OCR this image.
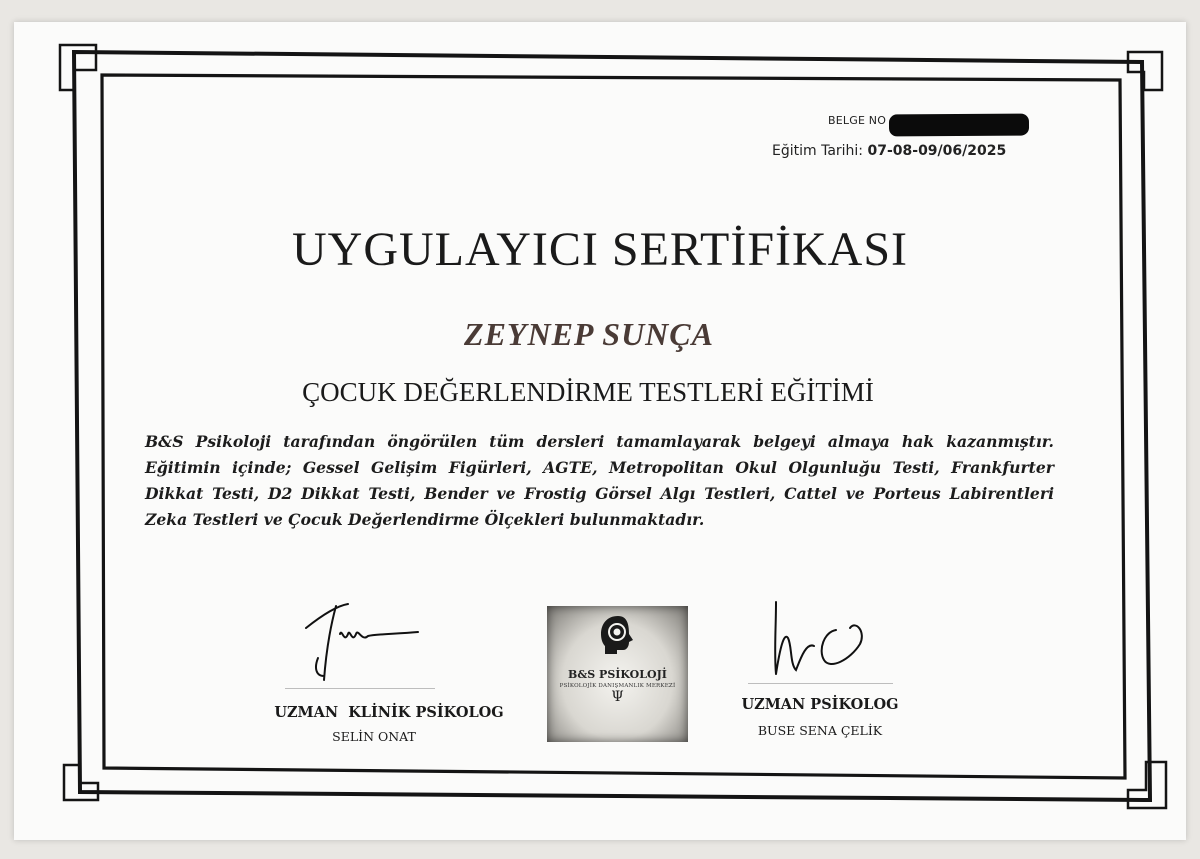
BELGE NO
Eğitim Tarihi: 07-08-09/06/2025
UYGULAYICI SERTİFİKASI
ZEYNEP SUNÇA
ÇOCUK DEĞERLENDİRME TESTLERİ EĞİTİMİ
B&S Psikoloji tarafından öngörülen tüm dersleri tamamlayarak belgeyi almaya hak kazanmıştır. Eğitimin içinde; Gessel Gelişim Figürleri, AGTE, Metropolitan Okul Olgunluğu Testi, Frankfurter Dikkat Testi, D2 Dikkat Testi, Bender ve Frostig Görsel Algı Testleri, Cattel ve Porteus Labirentleri Zeka Testleri ve Çocuk Değerlendirme Ölçekleri bulunmaktadır.
UZMAN  KLİNİK PSİKOLOG
SELİN ONAT
B&S PSİKOLOJİ
PSİKOLOJİK DANIŞMANLIK MERKEZİ
Ψ	UZMAN PSİKOLOG
BUSE SENA ÇELİK
